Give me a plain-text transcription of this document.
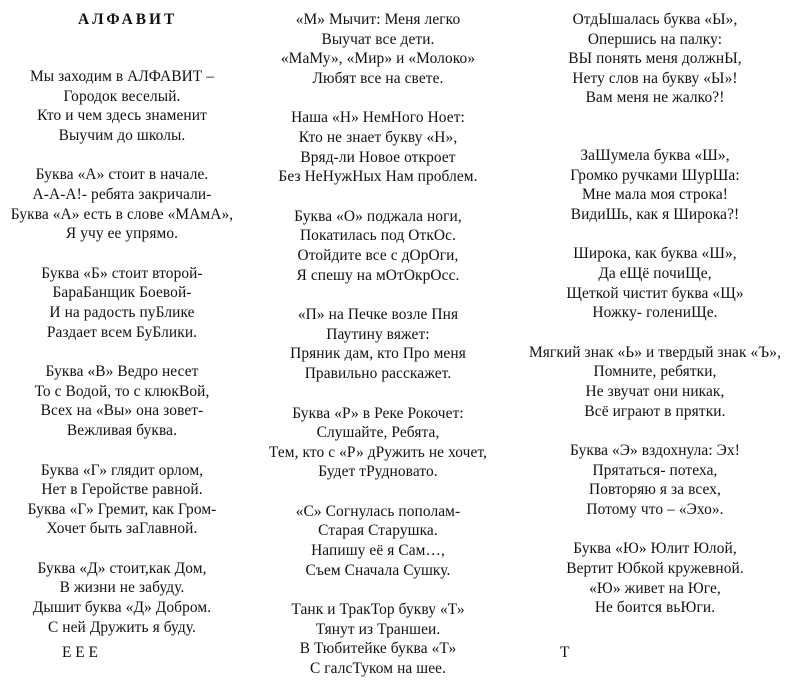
АЛФАВИТ
Мы заходим в АЛФАВИТ –
Городок веселый.
Кто и чем здесь знаменит
Выучим до школы.
Буква «А» стоит в начале.
А-А-А!- ребята закричали-
Буква «А» есть в слове «МАмА»,
Я учу ее упрямо.
Буква «Б» стоит второй-
БараБанщик Боевой-
И на радость пуБлике
Раздает всем БуБлики.
Буква «В» Ведро несет
То с Водой, то с клюкВой,
Всех на «Вы» она зовет-
Вежливая буква.
Буква «Г» глядит орлом,
Нет в Геройстве равной.
Буква «Г» Гремит, как Гром-
Хочет быть заГлавной.
Буква «Д» стоит,как Дом,
В жизни не забуду.
Дышит буква «Д» Добром.
С ней Дружить я буду.
«М» Мычит: Меня легко
Выучат все дети.
«МаМу», «Мир» и «Молоко»
Любят все на свете.
Наша «Н» НемНого Ноет:
Кто не знает букву «Н»,
Вряд-ли Новое откроет
Без НеНужНых Нам проблем.
Буква «О» поджала ноги,
Покатилась под ОткОс.
Отойдите все с дОрОги,
Я спешу на мОтОкрОсс.
«П» на Печке возле Пня
Паутину вяжет:
Пряник дам, кто Про меня
Правильно расскажет.
Буква «Р» в Реке Рокочет:
Слушайте, Ребята,
Тем, кто с «Р» дРужить не хочет,
Будет тРудновато.
«С» Согнулась пополам-
Старая Старушка.
Напишу её я Сам…,
Съем Сначала Сушку.
Танк и ТракТор букву «Т»
Тянут из Траншеи.
В Тюбитейке буква «Т»
С галсТуком на шее.
ОтдЫшалась буква «Ы»,
Опершись на палку:
ВЫ понять меня должнЫ,
Нету слов на букву «Ы»!
Вам меня не жалко?!
ЗаШумела буква «Ш»,
Громко ручками ШурШа:
Мне мала моя строка!
ВидиШь, как я Широка?!
Широка, как буква «Ш»,
Да еЩё почиЩе,
Щеткой чистит буква «Щ»
Ножку- голениЩе.
Мягкий знак «Ь» и твердый знак «Ъ»,
Помните, ребятки,
Не звучат они никак,
Всё играют в прятки.
Буква «Э» вздохнула: Эх!
Прятаться- потеха,
Повторяю я за всех,
Потому что – «Эхо».
Буква «Ю» Юлит Юлой,
Вертит Юбкой кружевной.
«Ю» живет на Юге,
Не боится вьЮги.
Е Е Е	Т
